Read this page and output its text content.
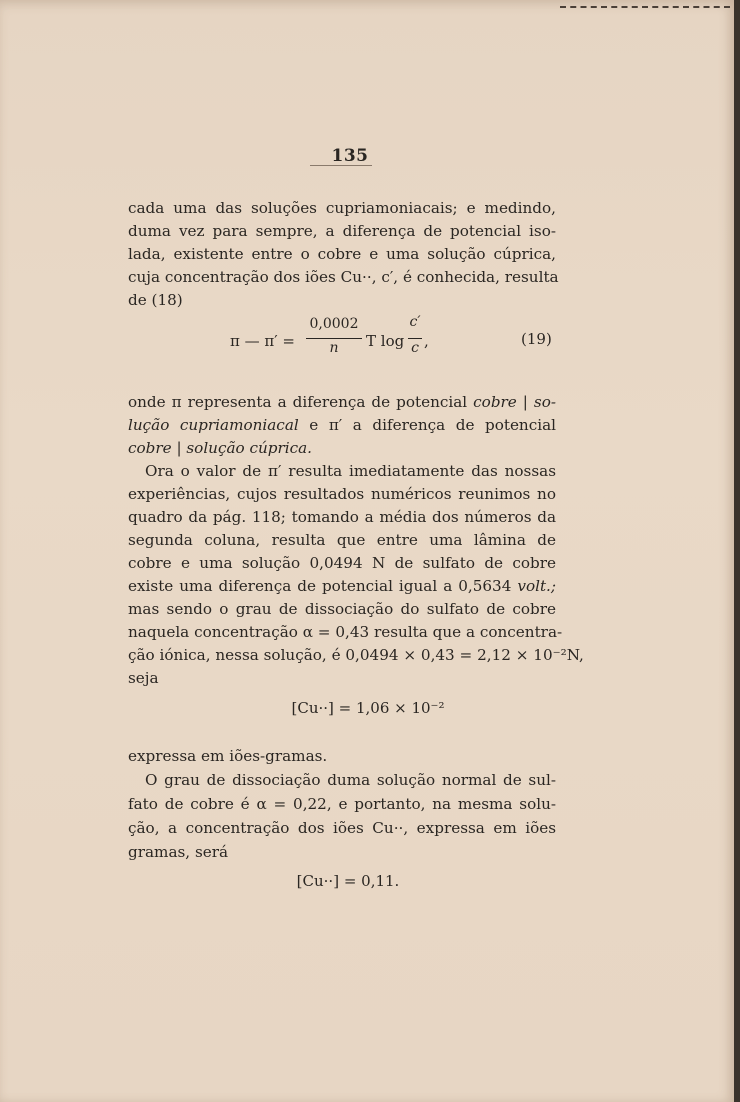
135
cada uma das soluções cupriamoniacais; e medindo,
duma vez para sempre, a diferença de potencial iso-
lada, existente entre o cobre e uma solução cúprica,
cuja concentração dos iões Cu··, c′, é conhecida, resulta
de (18)
π — π′ =
0,0002
n	T log
c′
c ,	(19)
onde π representa a diferença de potencial cobre | so-
lução cupriamoniacal e π′ a diferença de potencial
cobre | solução cúprica.
Ora o valor de π′ resulta imediatamente das nossas
experiências, cujos resultados numéricos reunimos no
quadro da pág. 118; tomando a média dos números da
segunda coluna, resulta que entre uma lâmina de
cobre e uma solução 0,0494 N de sulfato de cobre
existe uma diferença de potencial igual a 0,5634 volt.;
mas sendo o grau de dissociação do sulfato de cobre
naquela concentração α = 0,43 resulta que a concentra-
ção iónica, nessa solução, é 0,0494 × 0,43 = 2,12 × 10⁻²N,
seja
[Cu··] = 1,06 × 10⁻²
expressa em iões-gramas.
O grau de dissociação duma solução normal de sul-
fato de cobre é α = 0,22, e portanto, na mesma solu-
ção, a concentração dos iões Cu··, expressa em iões
gramas, será
[Cu··] = 0,11.
